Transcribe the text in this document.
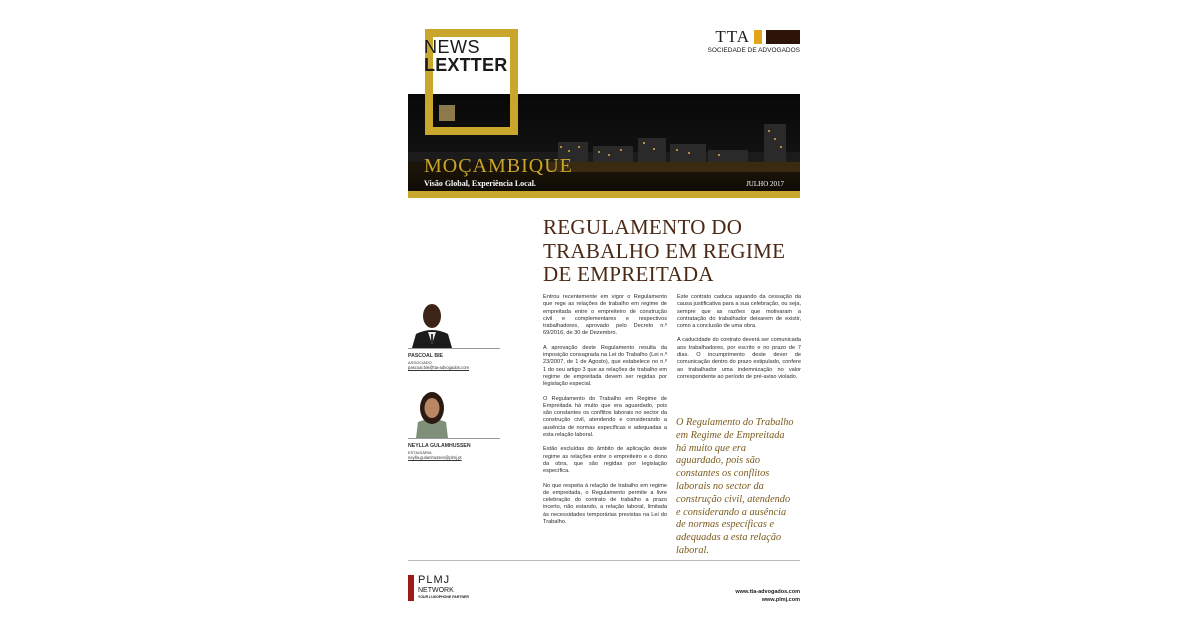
NEWS
LEXTTER
TTA
SOCIEDADE DE ADVOGADOS
MOÇAMBIQUE
Visão Global, Experiência Local.	JULHO 2017
REGULAMENTO DO TRABALHO EM REGIME DE EMPREITADA

Entrou recentemente em vigor o Regulamento que rege as relações de trabalho em regime de empreitada entre o empreiteiro de construção civil e complementares e respectivos trabalhadores, aprovado pelo Decreto n.º 69/2016, de 30 de Dezembro.

A aprovação deste Regulamento resulta da imposição consagrada na Lei do Trabalho (Lei n.º 23/2007, de 1 de Agosto), que estabelece no n.º 1 do seu artigo 3 que as relações de trabalho em regime de empreitada devem ser regidas por legislação especial.

O Regulamento do Trabalho em Regime de Empreitada há muito que era aguardado, pois são constantes os conflitos laborais no sector da construção civil, atendendo e considerando a ausência de normas específicas e adequadas a esta relação laboral.

Estão excluídas do âmbito de aplicação deste regime as relações entre o empreiteiro e o dono da obra, que são regidas por legislação específica.

No que respeita à relação de trabalho em regime de empreitada, o Regulamento permite a livre celebração do contrato de trabalho a prazo incerto, não estando, a relação laboral, limitada às necessidades temporárias previstas na Lei do Trabalho.

Este contrato caduca aquando da cessação da causa justificativa para a sua celebração, ou seja, sempre que as razões que motivaram a contratação do trabalhador deixarem de existir, como a conclusão de uma obra.

A caducidade do contrato deverá ser comunicada aos trabalhadores, por escrito e no prazo de 7 dias. O incumprimento deste dever de comunicação dentro do prazo estipulado, confere ao trabalhador uma indemnização no valor correspondente ao período de pré-aviso violado.

O Regulamento do Trabalho em Regime de Empreitada há muito que era aguardado, pois são constantes os conflitos laborais no sector da construção civil, atendendo e considerando a ausência de normas específicas e adequadas a esta relação laboral.
PASCOAL BIE
ASSOCIADO
pascoal.bie@tta-advogados.com
NEYLLA GULAMHUSSEN
ESTAGIÁRIA
neylla.gulamhussen@plmj.pt
PLMJ
NETWORK
YOUR LUSOPHONE PARTNER
www.tta-advogados.com
www.plmj.com
